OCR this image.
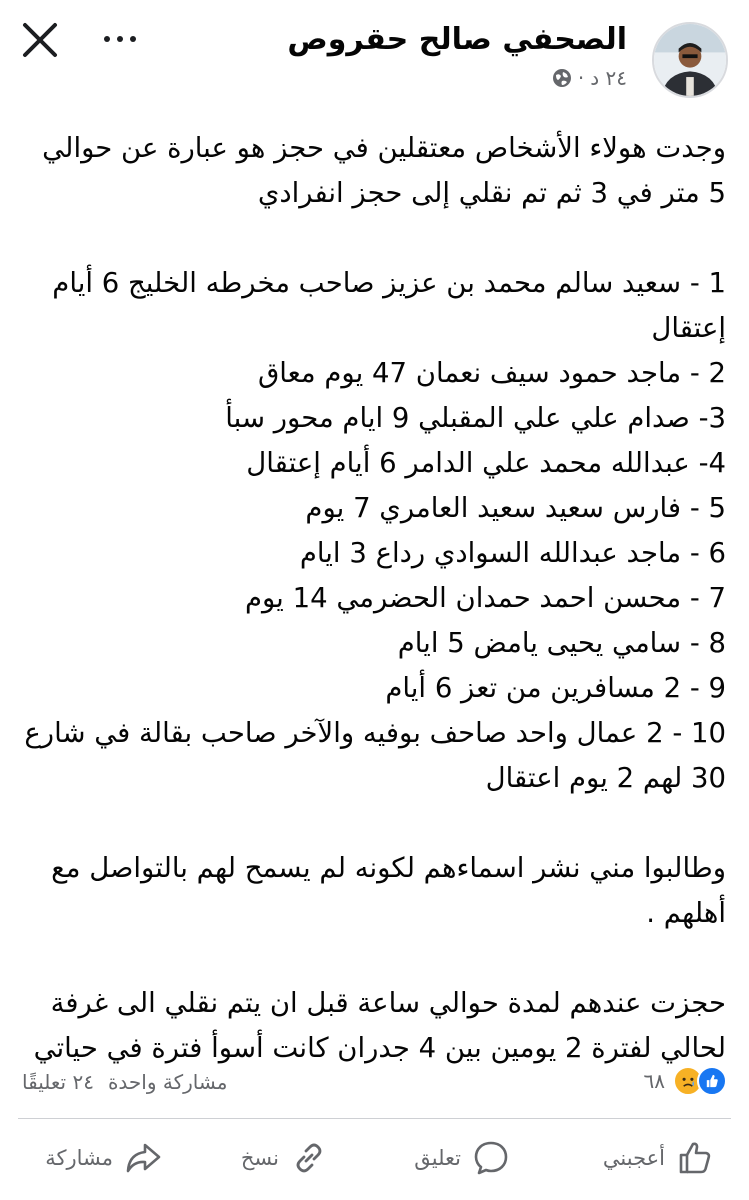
الصحفي صالح حقروص
٢٤ د
·

وجدت هولاء الأشخاص معتقلين في حجز هو عبارة عن حوالي

5 متر في 3 ثم تم نقلي إلى حجز انفرادي

1 - سعيد سالم محمد بن عزيز صاحب مخرطه الخليج 6 أيام إعتقال

2 - ماجد حمود سيف نعمان 47 يوم معاق

3- صدام علي علي المقبلي 9 ايام محور سبأ

4- عبدالله محمد علي الدامر 6 أيام إعتقال

5 - فارس سعيد سعيد العامري 7 يوم

6 - ماجد عبدالله السوادي رداع 3 ايام

7 - محسن احمد حمدان الحضرمي 14 يوم

8 - سامي يحيى يامض 5 ايام

9 - 2 مسافرين من تعز 6 أيام

10 - 2 عمال واحد صاحف بوفيه والآخر صاحب بقالة في شارع 30 لهم 2 يوم اعتقال

وطالبوا مني نشر اسماءهم لكونه لم يسمح لهم بالتواصل مع أهلهم .

حجزت عندهم لمدة حوالي ساعة قبل ان يتم نقلي الى غرفة لحالي لفترة 2 يومين بين 4 جدران كانت أسوأ فترة في حياتي

٦٨
مشاركة واحدة
٢٤ تعليقًا
أعجبني
تعليق
نسخ
مشاركة
